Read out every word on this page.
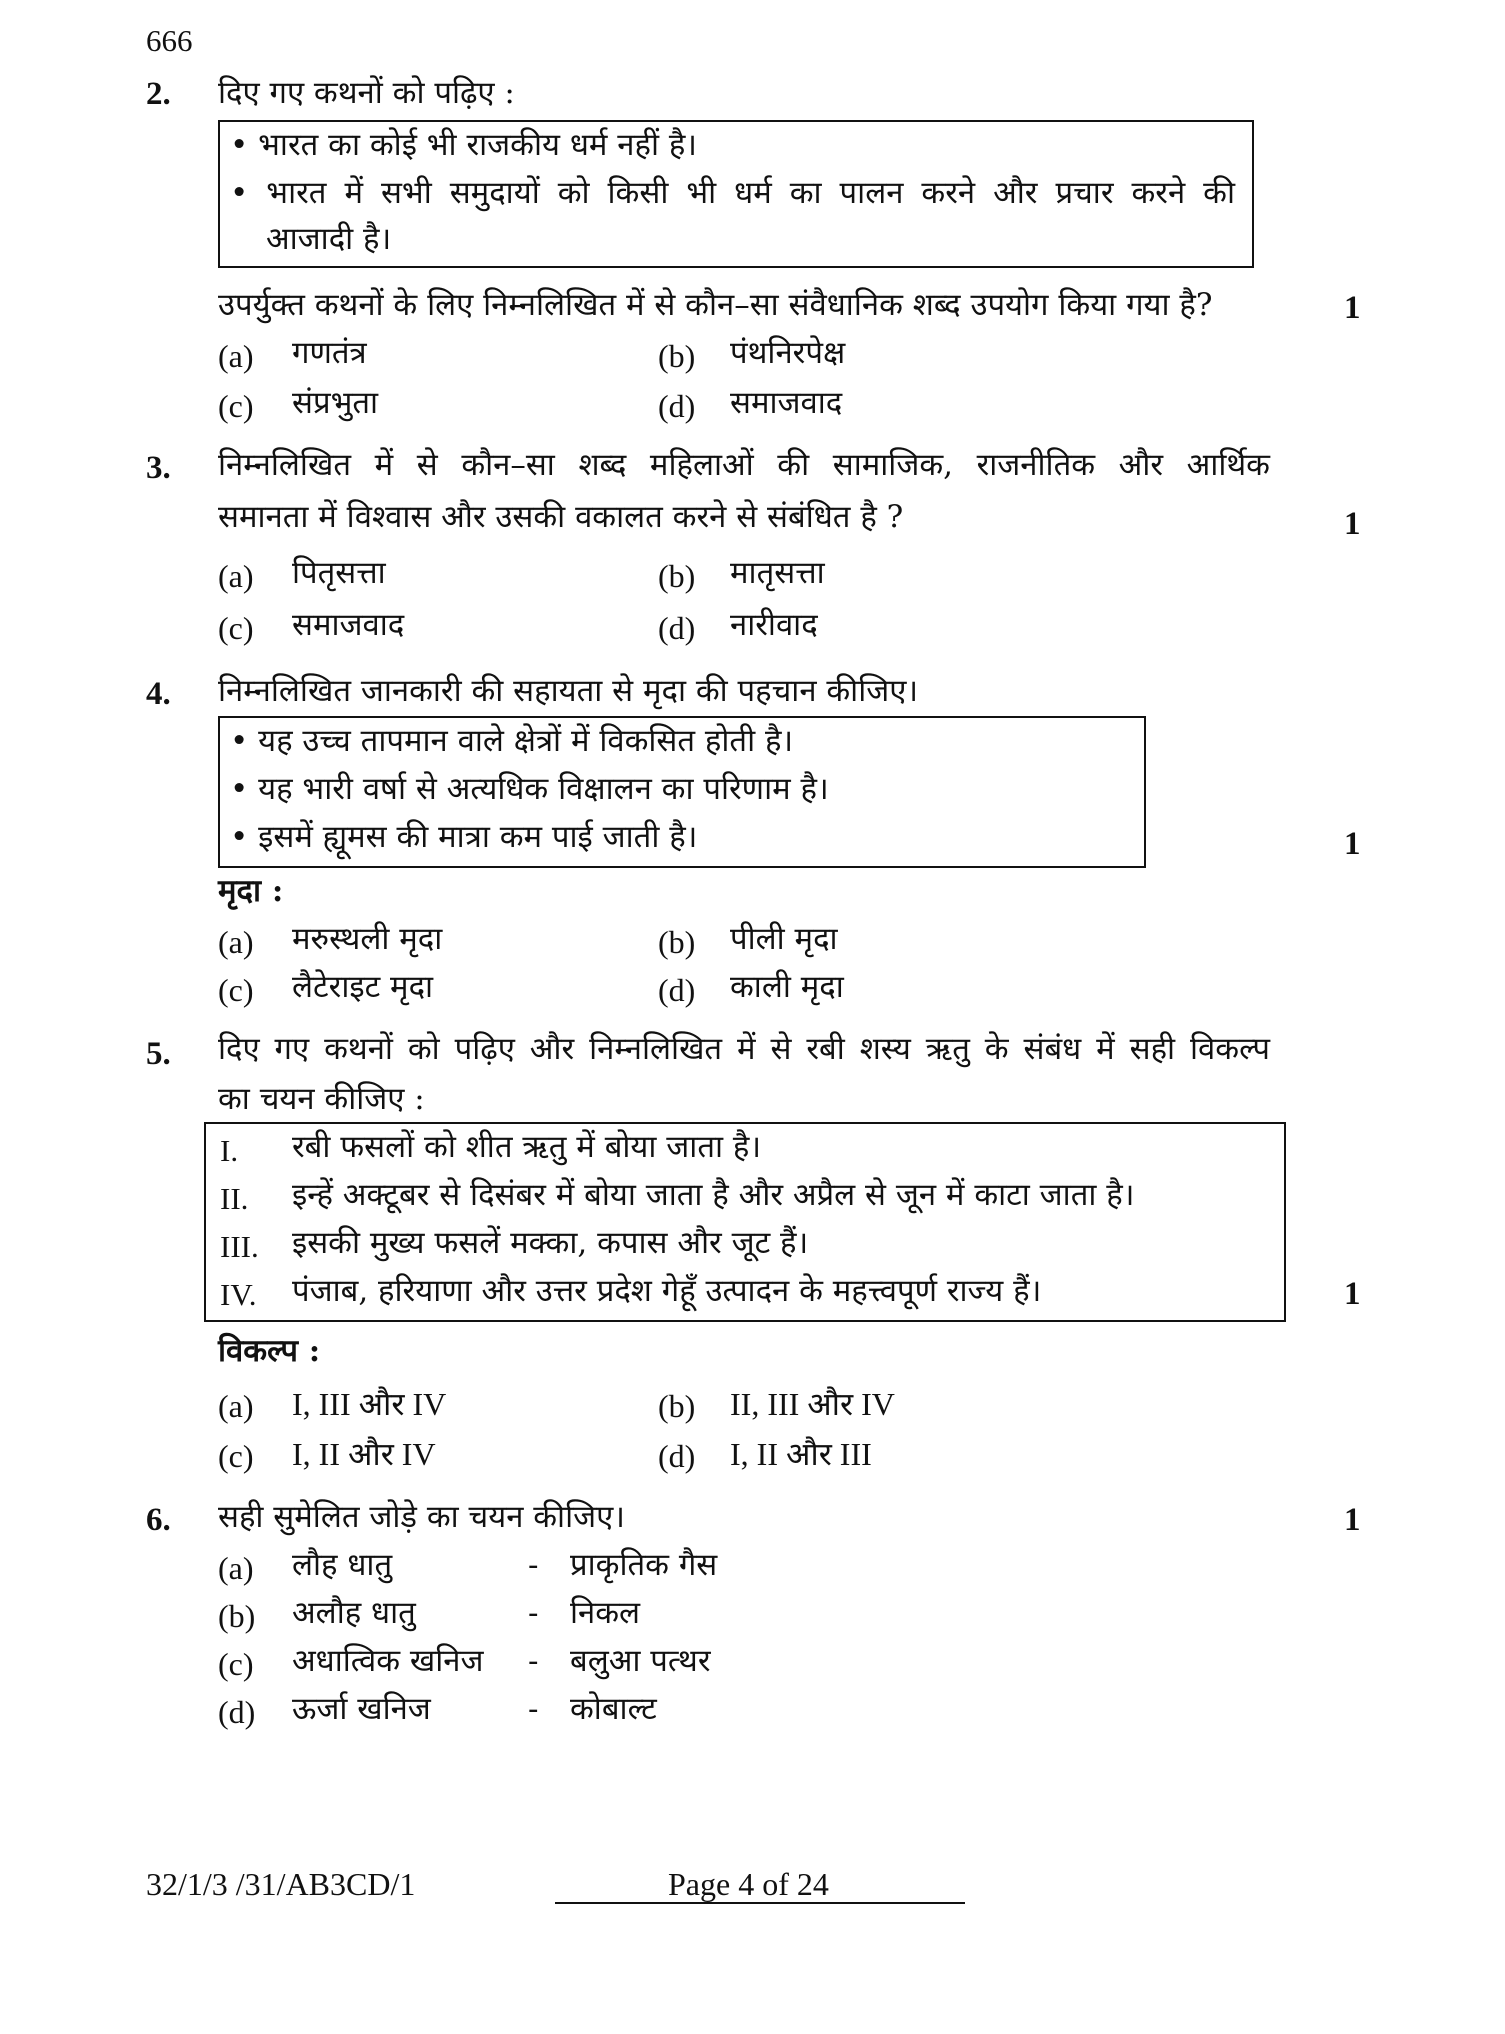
666
2. दिए गए कथनों को पढ़िए :
• भारत का कोई भी राजकीय धर्म नहीं है।
• भारत में सभी समुदायों को किसी भी धर्म का पालन करने और प्रचार करने की
आजादी है।
उपर्युक्त कथनों के लिए निम्नलिखित में से कौन–सा संवैधानिक शब्द उपयोग किया गया है?	1
(a) गणतंत्र	(b) पंथनिरपेक्ष
(c) संप्रभुता	(d) समाजवाद
3. निम्नलिखित में से कौन–सा शब्द महिलाओं की सामाजिक, राजनीतिक और आर्थिक
समानता में विश्वास और उसकी वकालत करने से संबंधित है ?	1
(a) पितृसत्ता	(b) मातृसत्ता
(c) समाजवाद	(d) नारीवाद
4. निम्नलिखित जानकारी की सहायता से मृदा की पहचान कीजिए।
• यह उच्च तापमान वाले क्षेत्रों में विकसित होती है।
• यह भारी वर्षा से अत्यधिक विक्षालन का परिणाम है।
• इसमें ह्यूमस की मात्रा कम पाई जाती है।	1
मृदा :
(a) मरुस्थली मृदा	(b) पीली मृदा
(c) लैटेराइट मृदा	(d) काली मृदा
5. दिए गए कथनों को पढ़िए और निम्नलिखित में से रबी शस्य ऋतु के संबंध में सही विकल्प
का चयन कीजिए :
I. रबी फसलों को शीत ऋतु में बोया जाता है।
II. इन्हें अक्टूबर से दिसंबर में बोया जाता है और अप्रैल से जून में काटा जाता है।
III. इसकी मुख्य फसलें मक्का, कपास और जूट हैं।
IV. पंजाब, हरियाणा और उत्तर प्रदेश गेहूँ उत्पादन के महत्त्वपूर्ण राज्य हैं।	1
विकल्प :
(a) I, III और IV	(b) II, III और IV
(c) I, II और IV	(d) I, II और III
6. सही सुमेलित जोड़े का चयन कीजिए।	1
(a) लौह धातु	- प्राकृतिक गैस
(b) अलौह धातु	- निकल
(c) अधात्विक खनिज - बलुआ पत्थर
(d) ऊर्जा खनिज	- कोबाल्ट
32/1/3 /31/AB3CD/1	Page 4 of 24
